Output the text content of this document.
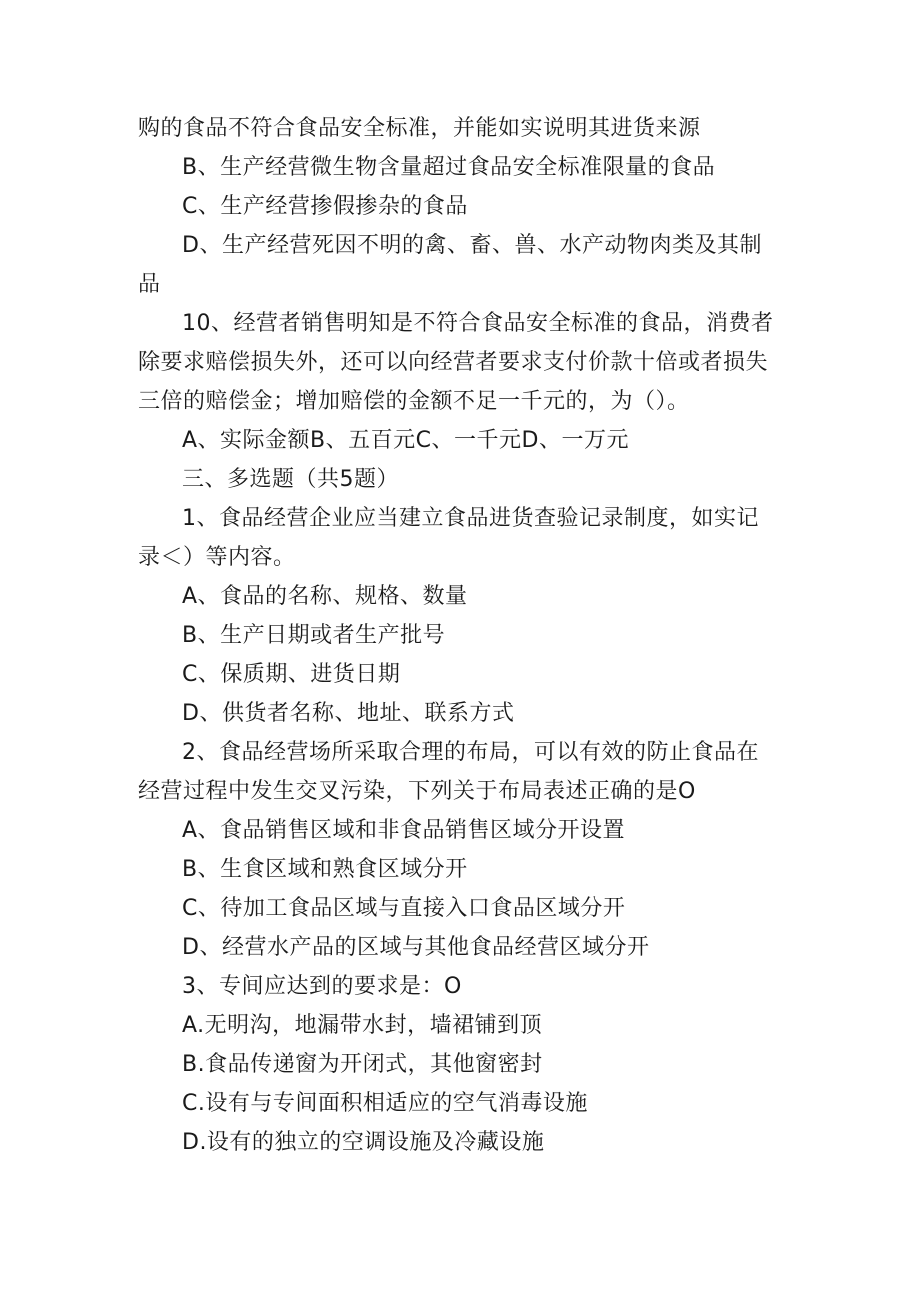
购的食品不符合食品安全标准，并能如实说明其进货来源
B、生产经营微生物含量超过食品安全标准限量的食品
C、生产经营掺假掺杂的食品
D、生产经营死因不明的禽、畜、兽、水产动物肉类及其制
品
10、经营者销售明知是不符合食品安全标准的食品，消费者
除要求赔偿损失外，还可以向经营者要求支付价款十倍或者损失
三倍的赔偿金；增加赔偿的金额不足一千元的，为（）。
A、实际金额B、五百元C、一千元D、一万元
三、多选题（共5题）
1、食品经营企业应当建立食品进货查验记录制度，如实记
录＜）等内容。
A、食品的名称、规格、数量
B、生产日期或者生产批号
C、保质期、进货日期
D、供货者名称、地址、联系方式
2、食品经营场所采取合理的布局，可以有效的防止食品在
经营过程中发生交叉污染，下列关于布局表述正确的是O
A、食品销售区域和非食品销售区域分开设置
B、生食区域和熟食区域分开
C、待加工食品区域与直接入口食品区域分开
D、经营水产品的区域与其他食品经营区域分开
3、专间应达到的要求是：O
A.无明沟，地漏带水封，墙裙铺到顶
B.食品传递窗为开闭式，其他窗密封
C.设有与专间面积相适应的空气消毒设施
D.设有的独立的空调设施及冷藏设施
